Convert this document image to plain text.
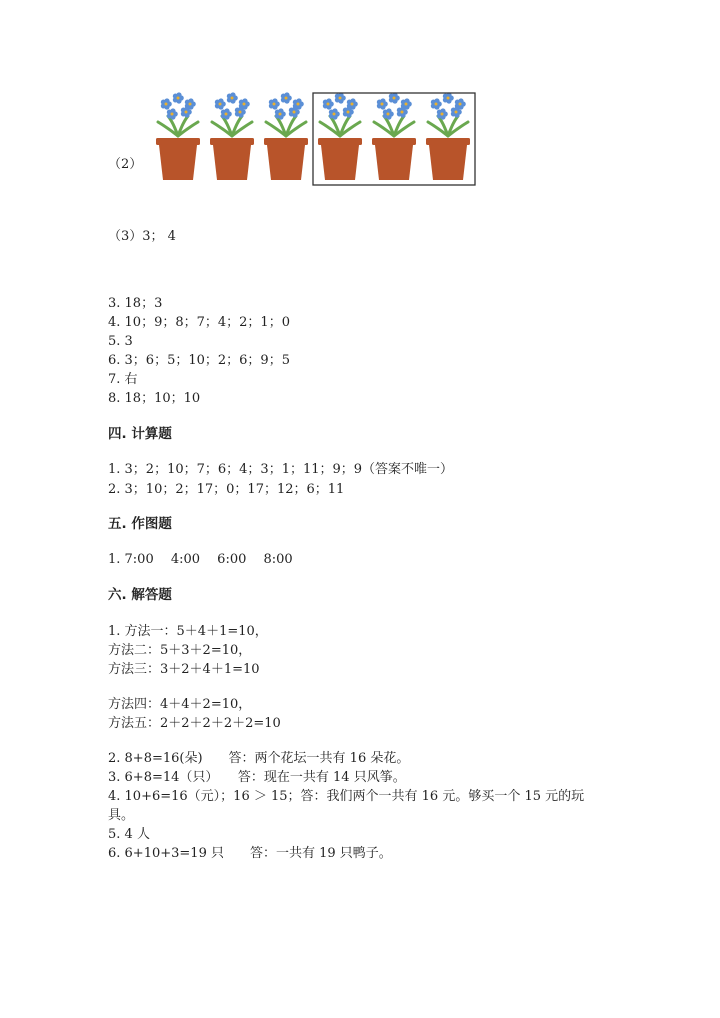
（2）
（3）3； 4
3. 18；3
4. 10；9；8；7；4；2；1；0
5. 3
6. 3；6；5；10；2；6；9；5
7. 右
8. 18；10；10
四. 计算题
1. 3；2；10；7；6；4；3；1；11；9；9（答案不唯一）
2. 3；10；2；17；0；17；12；6；11
五. 作图题
1. 7:00　 4:00　 6:00　 8:00
六. 解答题
1. 方法一：5＋4＋1=10，
方法二：5＋3＋2=10，
方法三：3＋2＋4＋1=10
方法四：4＋4＋2=10，
方法五：2＋2＋2＋2＋2=10
2. 8+8=16(朵)　　答：两个花坛一共有 16 朵花。
3. 6+8=14（只）　　答：现在一共有 14 只风筝。
4. 10+6=16（元）；16 ＞ 15；答：我们两个一共有 16 元。够买一个 15 元的玩
具。
5. 4 人
6. 6+10+3=19 只　　答：一共有 19 只鸭子。
